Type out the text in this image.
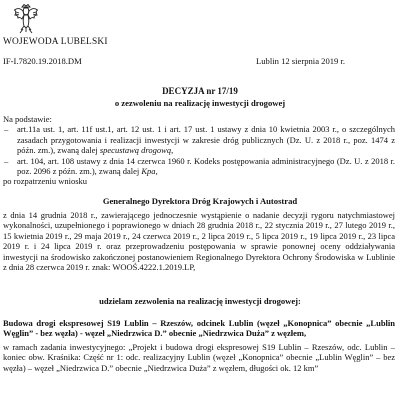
WOJEWODA LUBELSKI
IF-I.7820.19.2018.DM	Lublin 12 sierpnia 2019 r.
DECYZJA nr 17/19
o zezwoleniu na realizację inwestycji drogowej

Na podstawie:

– art.11a ust. 1, art. 11f ust.1, art. 12 ust. 1 i art. 17 ust. 1 ustawy z dnia 10 kwietnia 2003 r., o szczególnych zasadach przygotowania i realizacji inwestycji w zakresie dróg publicznych (Dz. U. z 2018 r., poz. 1474 z późn. zm.), zwaną dalej specustawą drogową,
– art. 104, art. 108 ustawy z dnia 14 czerwca 1960 r. Kodeks postępowania administracyjnego (Dz. U. z 2018 r. poz. 2096 z późn. zm.), zwaną dalej Kpa,

po rozpatrzeniu wniosku

Generalnego Dyrektora Dróg Krajowych i Autostrad
z dnia 14 grudnia 2018 r., zawierającego jednoczesnie wystąpienie o nadanie decyzji rygoru natychmiastowej wykonalności, uzupełnionego i poprawionego w dniach 28 grudnia 2018 r., 22 stycznia 2019 r., 27 lutego 2019 r., 15 kwietnia 2019 r., 29 maja 2019 r., 24 czerwca 2019 r., 2 lipca 2019 r., 5 lipca 2019 r., 19 lipca 2019 r., 23 lipca 2019 r. i 24 lipca 2019 r. oraz przeprowadzeniu postępowania w sprawie ponownej oceny oddziaływania inwestycji na środowisko zakończonej postanowieniem Regionalnego Dyrektora Ochrony Środowiska w Lublinie z dnia 28 czerwca 2019 r. znak: WOOŚ.4222.1.2019.LP,
udzielam zezwolenia na realizację inwestycji drogowej:
Budowa drogi ekspresowej S19 Lublin – Rzeszów, odcinek Lublin (węzeł „Konopnica” obecnie „Lublin Węglin” - bez węzła) - węzeł „Niedrzwica D.” obecnie „Niedrzwica Duża” z węzłem,
w ramach zadania inwestycyjnego: „Projekt i budowa drogi ekspresowej S19 Lublin – Rzeszów, odc. Lublin – koniec obw. Kraśnika: Część nr 1: odc. realizacyjny Lublin (węzeł „Konopnica” obecnie „Lublin Węglin” – bez węzła) – węzeł „Niedrzwica D.” obecnie „Niedrzwica Duża” z węzłem, długości ok. 12 km”
